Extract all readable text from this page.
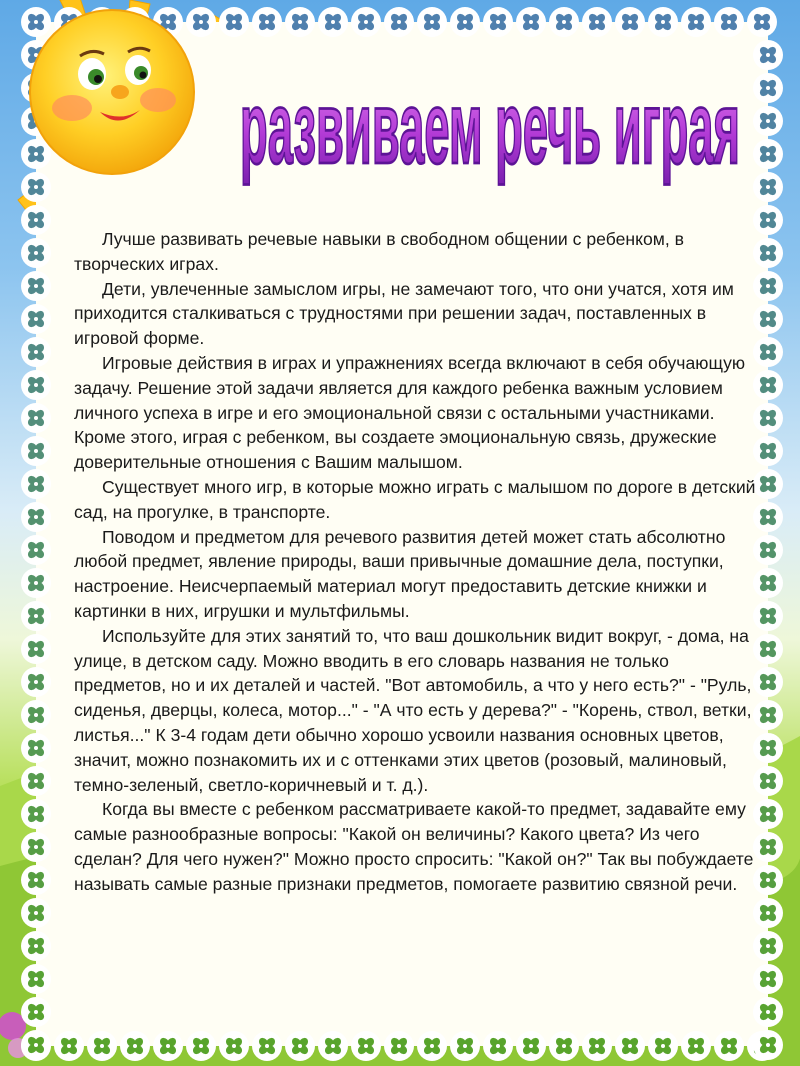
развиваем речь играя

Лучше развивать речевые навыки в свободном общении с ребенком, в творческих играх.

Дети, увлеченные замыслом игры, не замечают того, что они учатся, хотя им приходится сталкиваться с трудностями при решении задач, поставленных в игровой форме.

Игровые действия в играх и упражнениях всегда включают в себя обучающую задачу. Решение этой задачи является для каждого ребенка важным условием личного успеха в игре и его эмоциональной связи с остальными участниками. Кроме этого, играя с ребенком, вы создаете эмоциональную связь, дружеские доверительные отношения с Вашим малышом.

Существует много игр, в которые можно играть с малышом по дороге в детский сад, на прогулке, в транспорте.

Поводом и предметом для речевого развития детей может стать абсолютно любой предмет, явление природы, ваши привычные домашние дела, поступки, настроение. Неисчерпаемый материал могут предоставить детские книжки и картинки в них, игрушки и мультфильмы.

Используйте для этих занятий то, что ваш дошкольник видит вокруг, - дома, на улице, в детском саду. Можно вводить в его словарь названия не только предметов, но и их деталей и частей. "Вот автомобиль, а что у него есть?" - "Руль, сиденья, дверцы, колеса, мотор..." - "А что есть у дерева?" - "Корень, ствол, ветки, листья..." К 3-4 годам дети обычно хорошо усвоили названия основных цветов, значит, можно познакомить их и с оттенками этих цветов (розовый, малиновый, темно-зеленый, светло-коричневый и т. д.).

Когда вы вместе с ребенком рассматриваете какой-то предмет, задавайте ему самые разнообразные вопросы: "Какой он величины? Какого цвета? Из чего сделан? Для чего нужен?" Можно просто спросить: "Какой он?" Так вы побуждаете называть самые разные признаки предметов, помогаете развитию связной речи.
